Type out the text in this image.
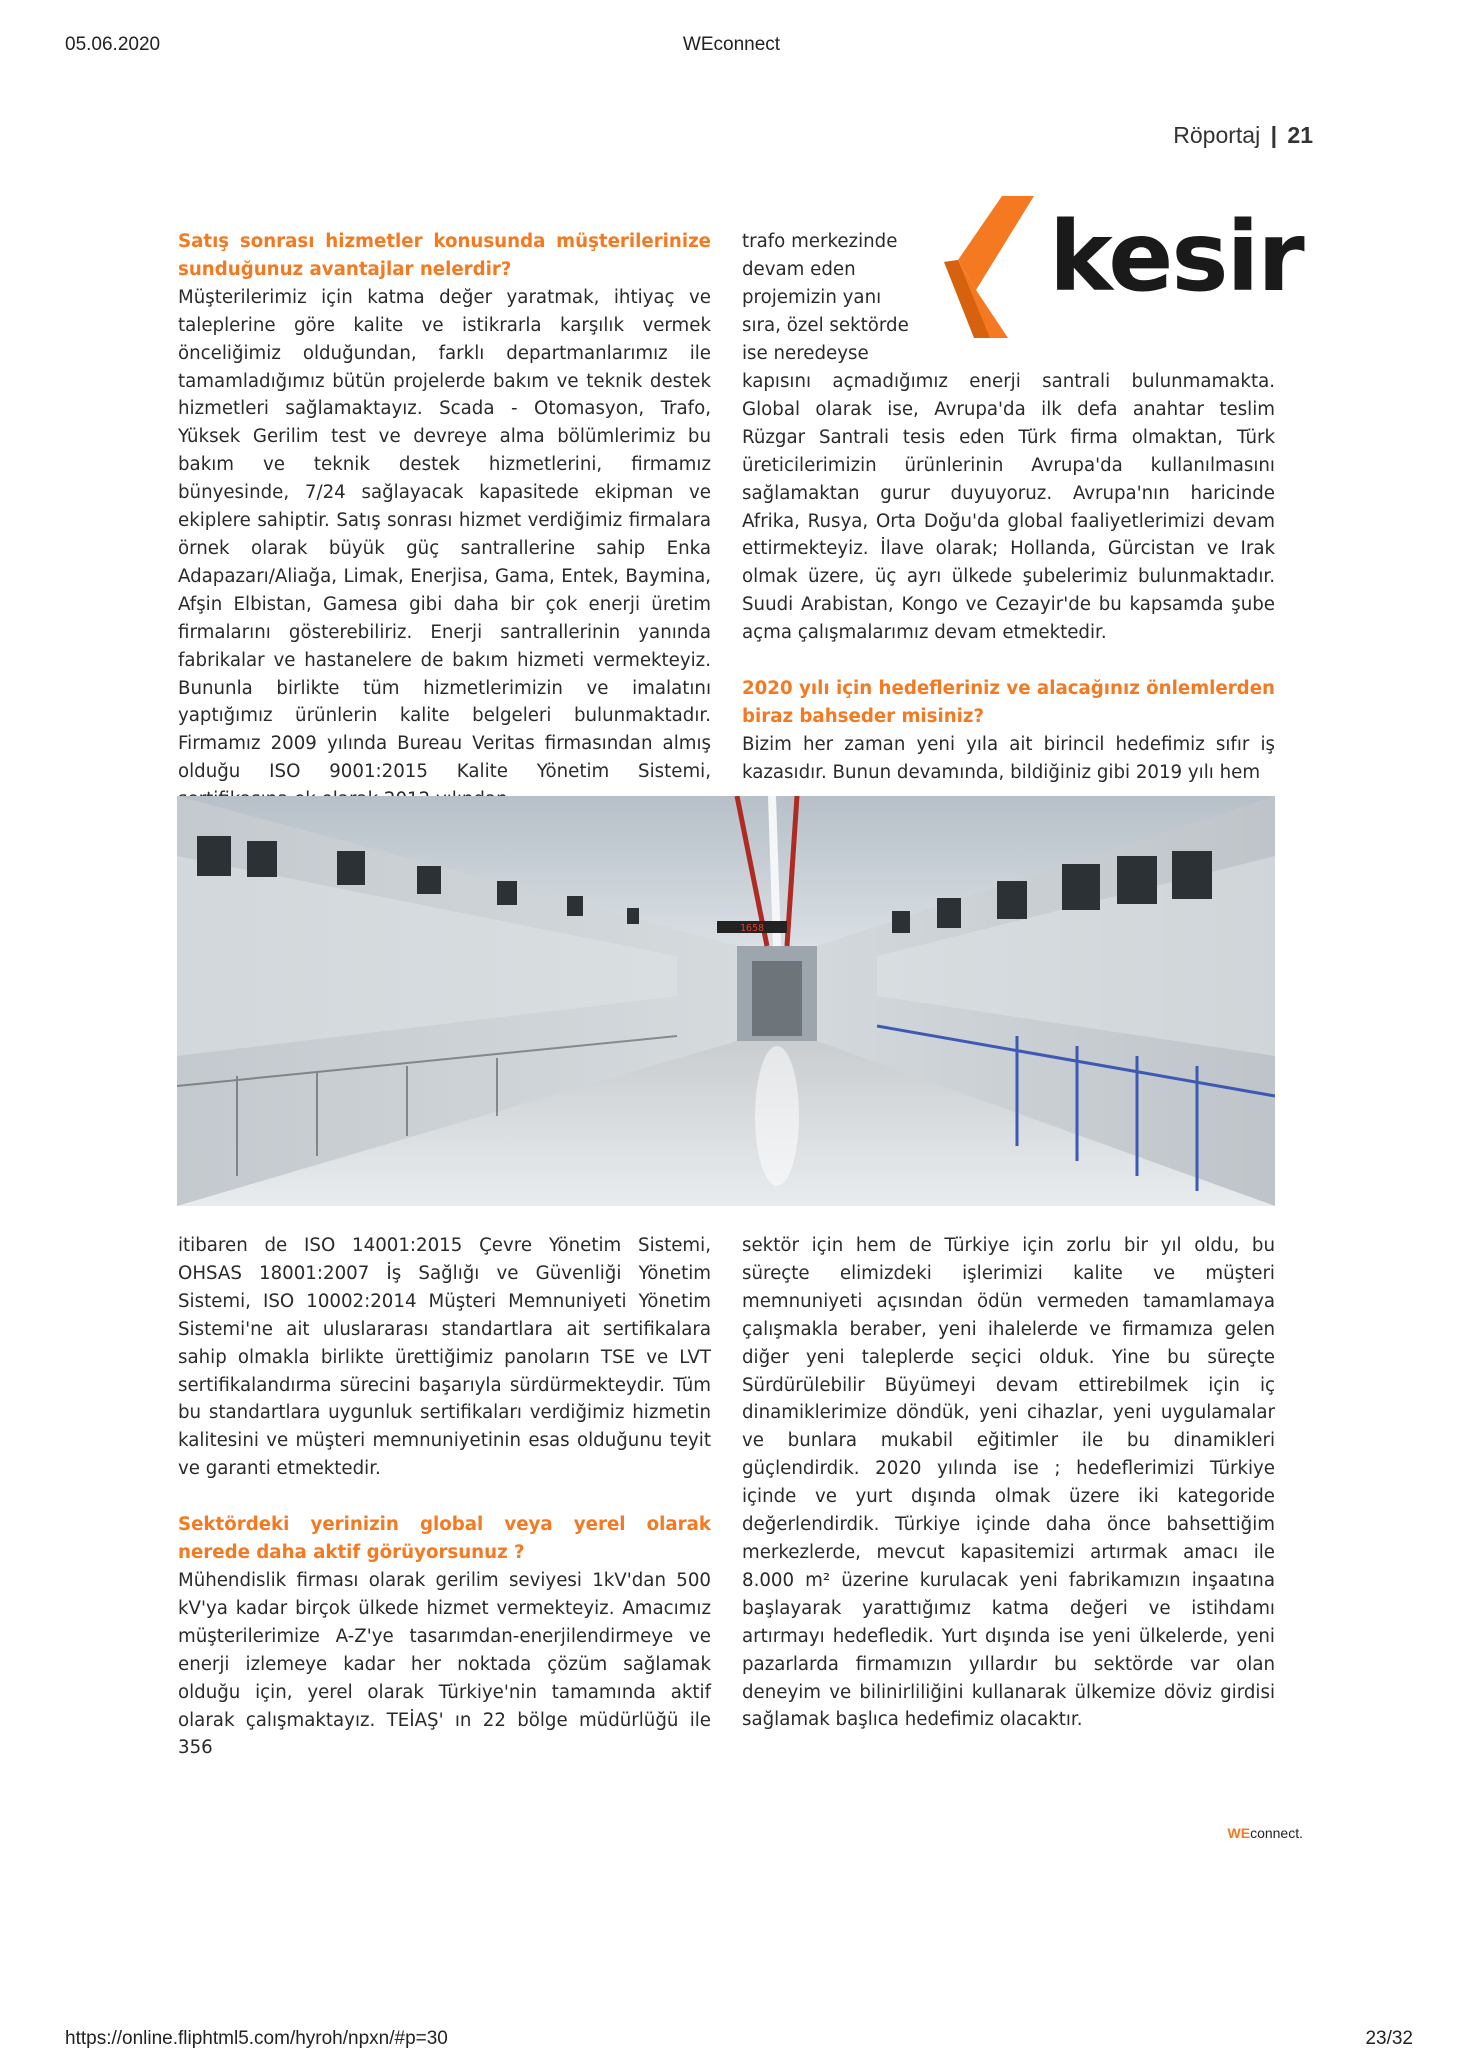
05.06.2020	WEconnect
Röportaj | 21
kesir
Satış sonrası hizmetler konusunda müşterilerinize sunduğunuz avantajlar nelerdir?

Müşterilerimiz için katma değer yaratmak, ihtiyaç ve taleplerine göre kalite ve istikrarla karşılık vermek önceliğimiz olduğundan, farklı departmanlarımız ile tamamladığımız bütün projelerde bakım ve teknik destek hizmetleri sağlamaktayız. Scada - Otomasyon, Trafo, Yüksek Gerilim test ve devreye alma bölümlerimiz bu bakım ve teknik destek hizmetlerini, firmamız bünyesinde, 7/24 sağlayacak kapasitede ekipman ve ekiplere sahiptir. Satış sonrası hizmet verdiğimiz firmalara örnek olarak büyük güç santrallerine sahip Enka Adapazarı/Aliağa, Limak, Enerjisa, Gama, Entek, Baymina, Afşin Elbistan, Gamesa gibi daha bir çok enerji üretim firmalarını gösterebiliriz. Enerji santrallerinin yanında fabrikalar ve hastanelere de bakım hizmeti vermekteyiz. Bununla birlikte tüm hizmetlerimizin ve imalatını yaptığımız ürünlerin kalite belgeleri bulunmaktadır. Firmamız 2009 yılında Bureau Veritas firmasından almış olduğu ISO 9001:2015 Kalite Yönetim Sistemi,

trafo merkezinde devam eden projemizin yanı sıra, özel sektörde ise neredeyse

kapısını açmadığımız enerji santrali bulunmamakta. Global olarak ise, Avrupa'da ilk defa anahtar teslim Rüzgar Santrali tesis eden Türk firma olmaktan, Türk üreticilerimizin ürünlerinin Avrupa'da kullanılmasını sağlamaktan gurur duyuyoruz. Avrupa'nın haricinde Afrika, Rusya, Orta Doğu'da global faaliyetlerimizi devam ettirmekteyiz. İlave olarak; Hollanda, Gürcistan ve Irak olmak üzere, üç ayrı ülkede şubelerimiz bulunmaktadır. Suudi Arabistan, Kongo ve Cezayir'de bu kapsamda şube açma çalışmalarımız devam etmektedir.

2020 yılı için hedefleriniz ve alacağınız önlemlerden biraz bahseder misiniz?

Bizim her zaman yeni yıla ait birincil hedefimiz sıfır iş kazasıdır. Bunun devamında, bildiğiniz gibi 2019 yılı hem

1658

itibaren de ISO 14001:2015 Çevre Yönetim Sistemi, OHSAS 18001:2007 İş Sağlığı ve Güvenliği Yönetim Sistemi, ISO 10002:2014 Müşteri Memnuniyeti Yönetim Sistemi'ne ait uluslararası standartlara ait sertifikalara sahip olmakla birlikte ürettiğimiz panoların TSE ve LVT sertifikalandırma sürecini başarıyla sürdürmekteydir. Tüm bu standartlara uygunluk sertifikaları verdiğimiz hizmetin kalitesini ve müşteri memnuniyetinin esas olduğunu teyit ve garanti etmektedir.

Sektördeki yerinizin global veya yerel olarak nerede daha aktif görüyorsunuz ?

Mühendislik firması olarak gerilim seviyesi 1kV'dan 500 kV'ya kadar birçok ülkede hizmet vermekteyiz. Amacımız müşterilerimize A-Z'ye tasarımdan-enerjilendirmeye ve enerji izlemeye kadar her noktada çözüm sağlamak olduğu için, yerel olarak Türkiye'nin tamamında aktif olarak çalışmaktayız. TEİAŞ' ın 22 bölge müdürlüğü ile 356

sektör için hem de Türkiye için zorlu bir yıl oldu, bu süreçte elimizdeki işlerimizi kalite ve müşteri memnuniyeti açısından ödün vermeden tamamlamaya çalışmakla beraber, yeni ihalelerde ve firmamıza gelen diğer yeni taleplerde seçici olduk. Yine bu süreçte Sürdürülebilir Büyümeyi devam ettirebilmek için iç dinamiklerimize döndük, yeni cihazlar, yeni uygulamalar ve bunlara mukabil eğitimler ile bu dinamikleri güçlendirdik. 2020 yılında ise ; hedeflerimizi Türkiye içinde ve yurt dışında olmak üzere iki kategoride değerlendirdik. Türkiye içinde daha önce bahsettiğim merkezlerde, mevcut kapasitemizi artırmak amacı ile 8.000 m² üzerine kurulacak yeni fabrikamızın inşaatına başlayarak yarattığımız katma değeri ve istihdamı artırmayı hedefledik. Yurt dışında ise yeni ülkelerde, yeni pazarlarda firmamızın yıllardır bu sektörde var olan deneyim ve bilinirliliğini kullanarak ülkemize döviz girdisi sağlamak başlıca hedefimiz olacaktır.

WEconnect.
https://online.fliphtml5.com/hyroh/npxn/#p=30	23/32
